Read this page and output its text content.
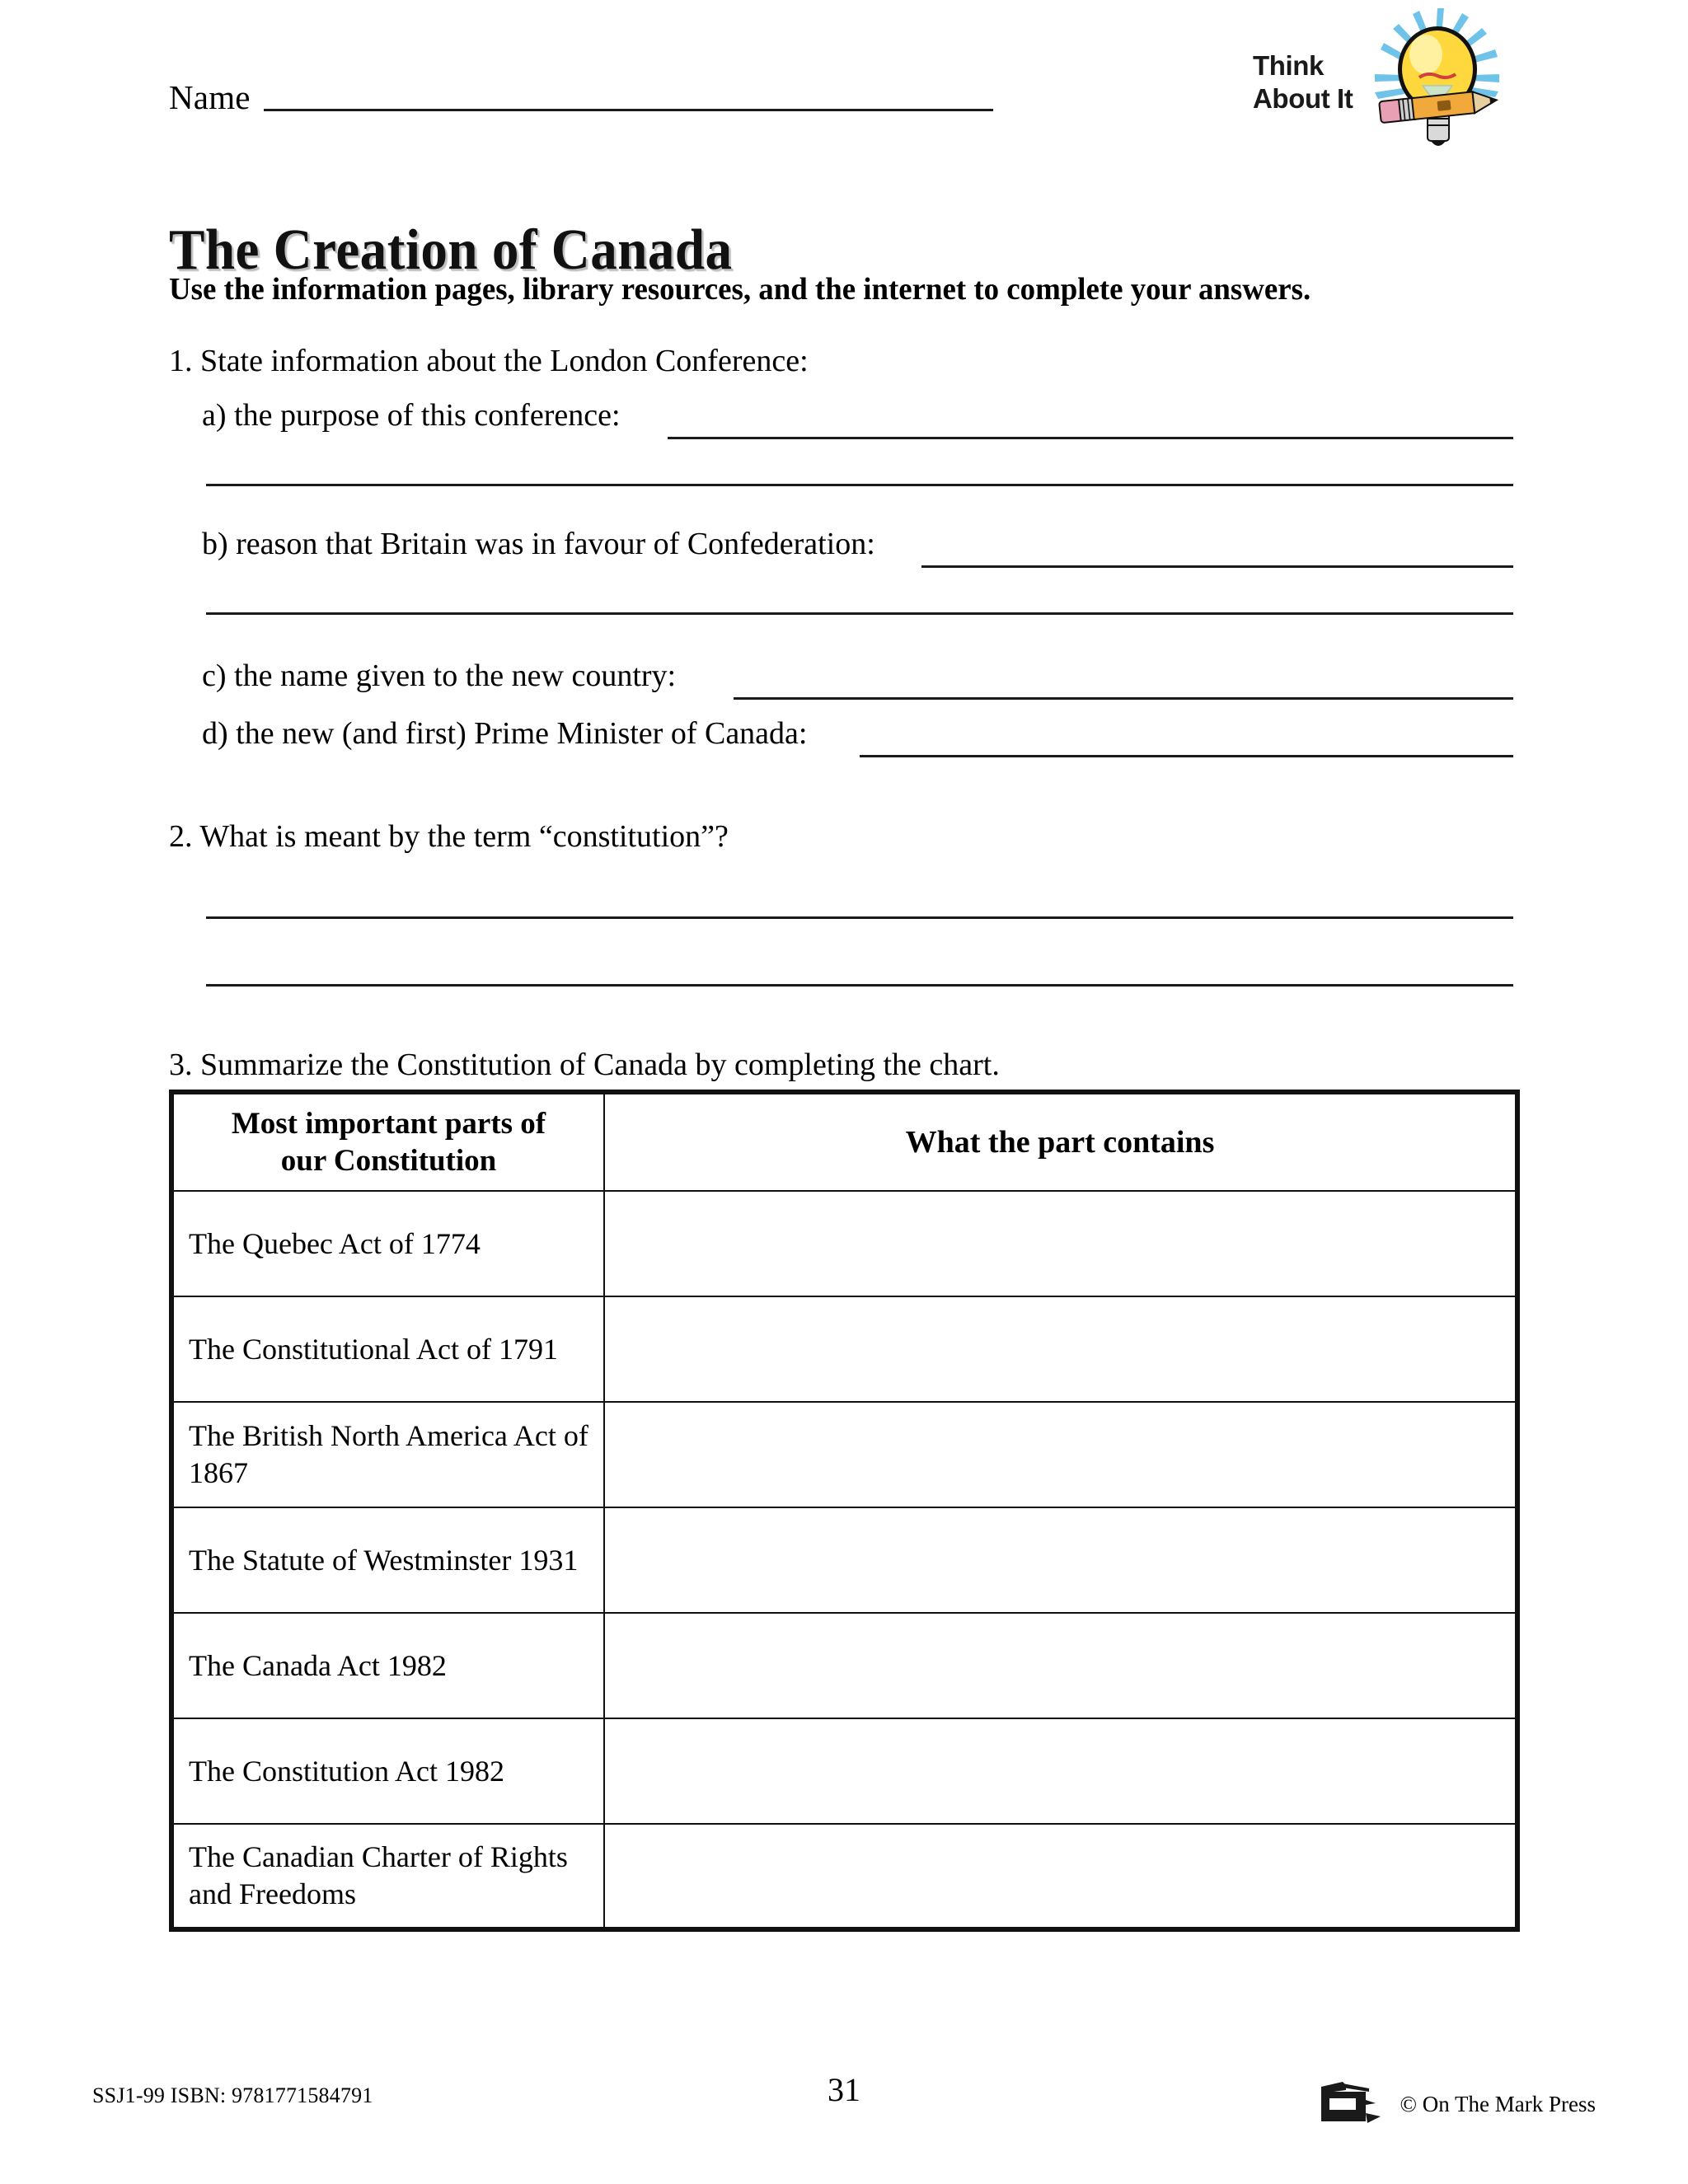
Name
Think
About It
The Creation of Canada
Use the information pages, library resources, and the internet to complete your answers.
1. State information about the London Conference:
a) the purpose of this conference:
b) reason that Britain was in favour of Confederation:
c) the name given to the new country:
d) the new (and first) Prime Minister of Canada:
2. What is meant by the term “constitution”?
3. Summarize the Constitution of Canada by completing the chart.
Most important parts of
our Constitution	What the part contains
The Quebec Act of 1774	
The Constitutional Act of 1791	
The British North America Act of 1867	
The Statute of Westminster 1931	
The Canada Act 1982	
The Constitution Act 1982	
The Canadian Charter of Rights and Freedoms	
SSJ1-99 ISBN: 9781771584791	31	© On The Mark Press
